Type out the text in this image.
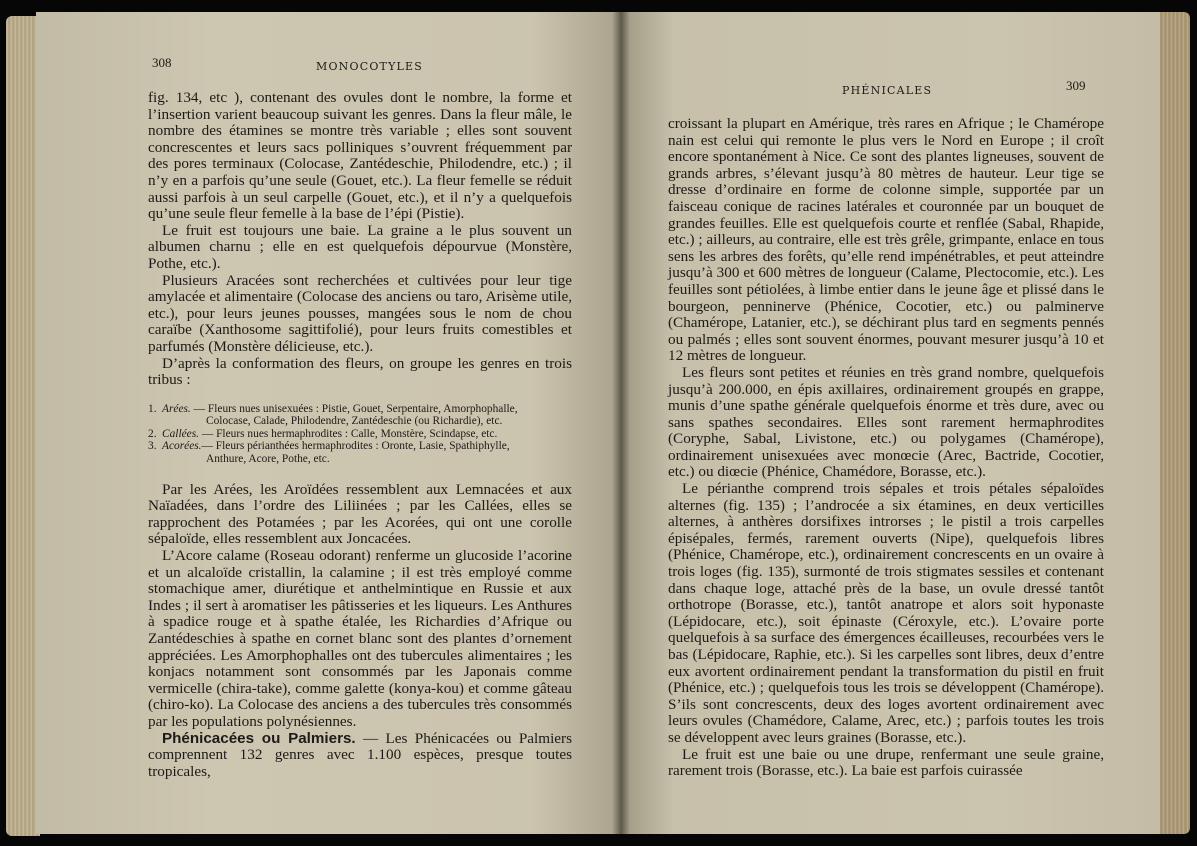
308	MONOCOTYLES

fig. 134, etc ), contenant des ovules dont le nombre, la forme et l’insertion varient beaucoup suivant les genres. Dans la fleur mâle, le nombre des étamines se montre très variable ; elles sont souvent concrescentes et leurs sacs polliniques s’ouvrent fréquemment par des pores terminaux (Colocase, Zantédeschie, Philodendre, etc.) ; il n’y en a parfois qu’une seule (Gouet, etc.). La fleur femelle se réduit aussi parfois à un seul carpelle (Gouet, etc.), et il n’y a quelquefois qu’une seule fleur femelle à la base de l’épi (Pistie).

Le fruit est toujours une baie. La graine a le plus souvent un albumen charnu ; elle en est quelquefois dépourvue (Monstère, Pothe, etc.).

Plusieurs Aracées sont recherchées et cultivées pour leur tige amylacée et alimentaire (Colocase des anciens ou taro, Arisème utile, etc.), pour leurs jeunes pousses, mangées sous le nom de chou caraïbe (Xanthosome sagittifolié), pour leurs fruits comestibles et parfumés (Monstère délicieuse, etc.).

D’après la conformation des fleurs, on groupe les genres en trois tribus :

1. Arées. — Fleurs nues unisexuées : Pistie, Gouet, Serpentaire, Amorphophalle,
Colocase, Calade, Philodendre, Zantédeschie (ou Richardie), etc.
2. Callées. — Fleurs nues hermaphrodites : Calle, Monstère, Scindapse, etc.
3. Acorées.— Fleurs périanthées hermaphrodites : Oronte, Lasie, Spathiphylle,
Anthure, Acore, Pothe, etc.

Par les Arées, les Aroïdées ressemblent aux Lemnacées et aux Naïadées, dans l’ordre des Liliinées ; par les Callées, elles se rapprochent des Potamées ; par les Acorées, qui ont une corolle sépaloïde, elles ressemblent aux Joncacées.

L’Acore calame (Roseau odorant) renferme un glucoside l’acorine et un alcaloïde cristallin, la calamine ; il est très employé comme stomachique amer, diurétique et anthelmintique en Russie et aux Indes ; il sert à aromatiser les pâtisseries et les liqueurs. Les Anthures à spadice rouge et à spathe étalée, les Richardies d’Afrique ou Zantédeschies à spathe en cornet blanc sont des plantes d’ornement appréciées. Les Amorphophalles ont des tubercules alimentaires ; les konjacs notamment sont consommés par les Japonais comme vermicelle (chira-take), comme galette (konya-kou) et comme gâteau (chiro-ko). La Colocase des anciens a des tubercules très consommés par les populations polynésiennes.

Phénicacées ou Palmiers. — Les Phénicacées ou Palmiers comprennent 132 genres avec 1.100 espèces, presque toutes tropicales,

PHÉNICALES	309

croissant la plupart en Amérique, très rares en Afrique ; le Chamérope nain est celui qui remonte le plus vers le Nord en Europe ; il croît encore spontanément à Nice. Ce sont des plantes ligneuses, souvent de grands arbres, s’élevant jusqu’à 80 mètres de hauteur. Leur tige se dresse d’ordinaire en forme de colonne simple, supportée par un faisceau conique de racines latérales et couronnée par un bouquet de grandes feuilles. Elle est quelquefois courte et renflée (Sabal, Rhapide, etc.) ; ailleurs, au contraire, elle est très grêle, grimpante, enlace en tous sens les arbres des forêts, qu’elle rend impénétrables, et peut atteindre jusqu’à 300 et 600 mètres de longueur (Calame, Plectocomie, etc.). Les feuilles sont pétiolées, à limbe entier dans le jeune âge et plissé dans le bourgeon, penninerve (Phénice, Cocotier, etc.) ou palminerve (Chamérope, Latanier, etc.), se déchirant plus tard en segments pennés ou palmés ; elles sont souvent énormes, pouvant mesurer jusqu’à 10 et 12 mètres de longueur.

Les fleurs sont petites et réunies en très grand nombre, quelquefois jusqu’à 200.000, en épis axillaires, ordinairement groupés en grappe, munis d’une spathe générale quelquefois énorme et très dure, avec ou sans spathes secondaires. Elles sont rarement hermaphrodites (Coryphe, Sabal, Livistone, etc.) ou polygames (Chamérope), ordinairement unisexuées avec monœcie (Arec, Bactride, Cocotier, etc.) ou diœcie (Phénice, Chamédore, Borasse, etc.).

Le périanthe comprend trois sépales et trois pétales sépaloïdes alternes (fig. 135) ; l’androcée a six étamines, en deux verticilles alternes, à anthères dorsifixes introrses ; le pistil a trois carpelles épisépales, fermés, rarement ouverts (Nipe), quelquefois libres (Phénice, Chamérope, etc.), ordinairement concrescents en un ovaire à trois loges (fig. 135), surmonté de trois stigmates sessiles et contenant dans chaque loge, attaché près de la base, un ovule dressé tantôt orthotrope (Borasse, etc.), tantôt anatrope et alors soit hyponaste (Lépidocare, etc.), soit épinaste (Céroxyle, etc.). L’ovaire porte quelquefois à sa surface des émergences écailleuses, recourbées vers le bas (Lépidocare, Raphie, etc.). Si les carpelles sont libres, deux d’entre eux avortent ordinairement pendant la transformation du pistil en fruit (Phénice, etc.) ; quelquefois tous les trois se développent (Chamérope). S’ils sont concrescents, deux des loges avortent ordinairement avec leurs ovules (Chamédore, Calame, Arec, etc.) ; parfois toutes les trois se développent avec leurs graines (Borasse, etc.).

Le fruit est une baie ou une drupe, renfermant une seule graine, rarement trois (Borasse, etc.). La baie est parfois cuirassée
